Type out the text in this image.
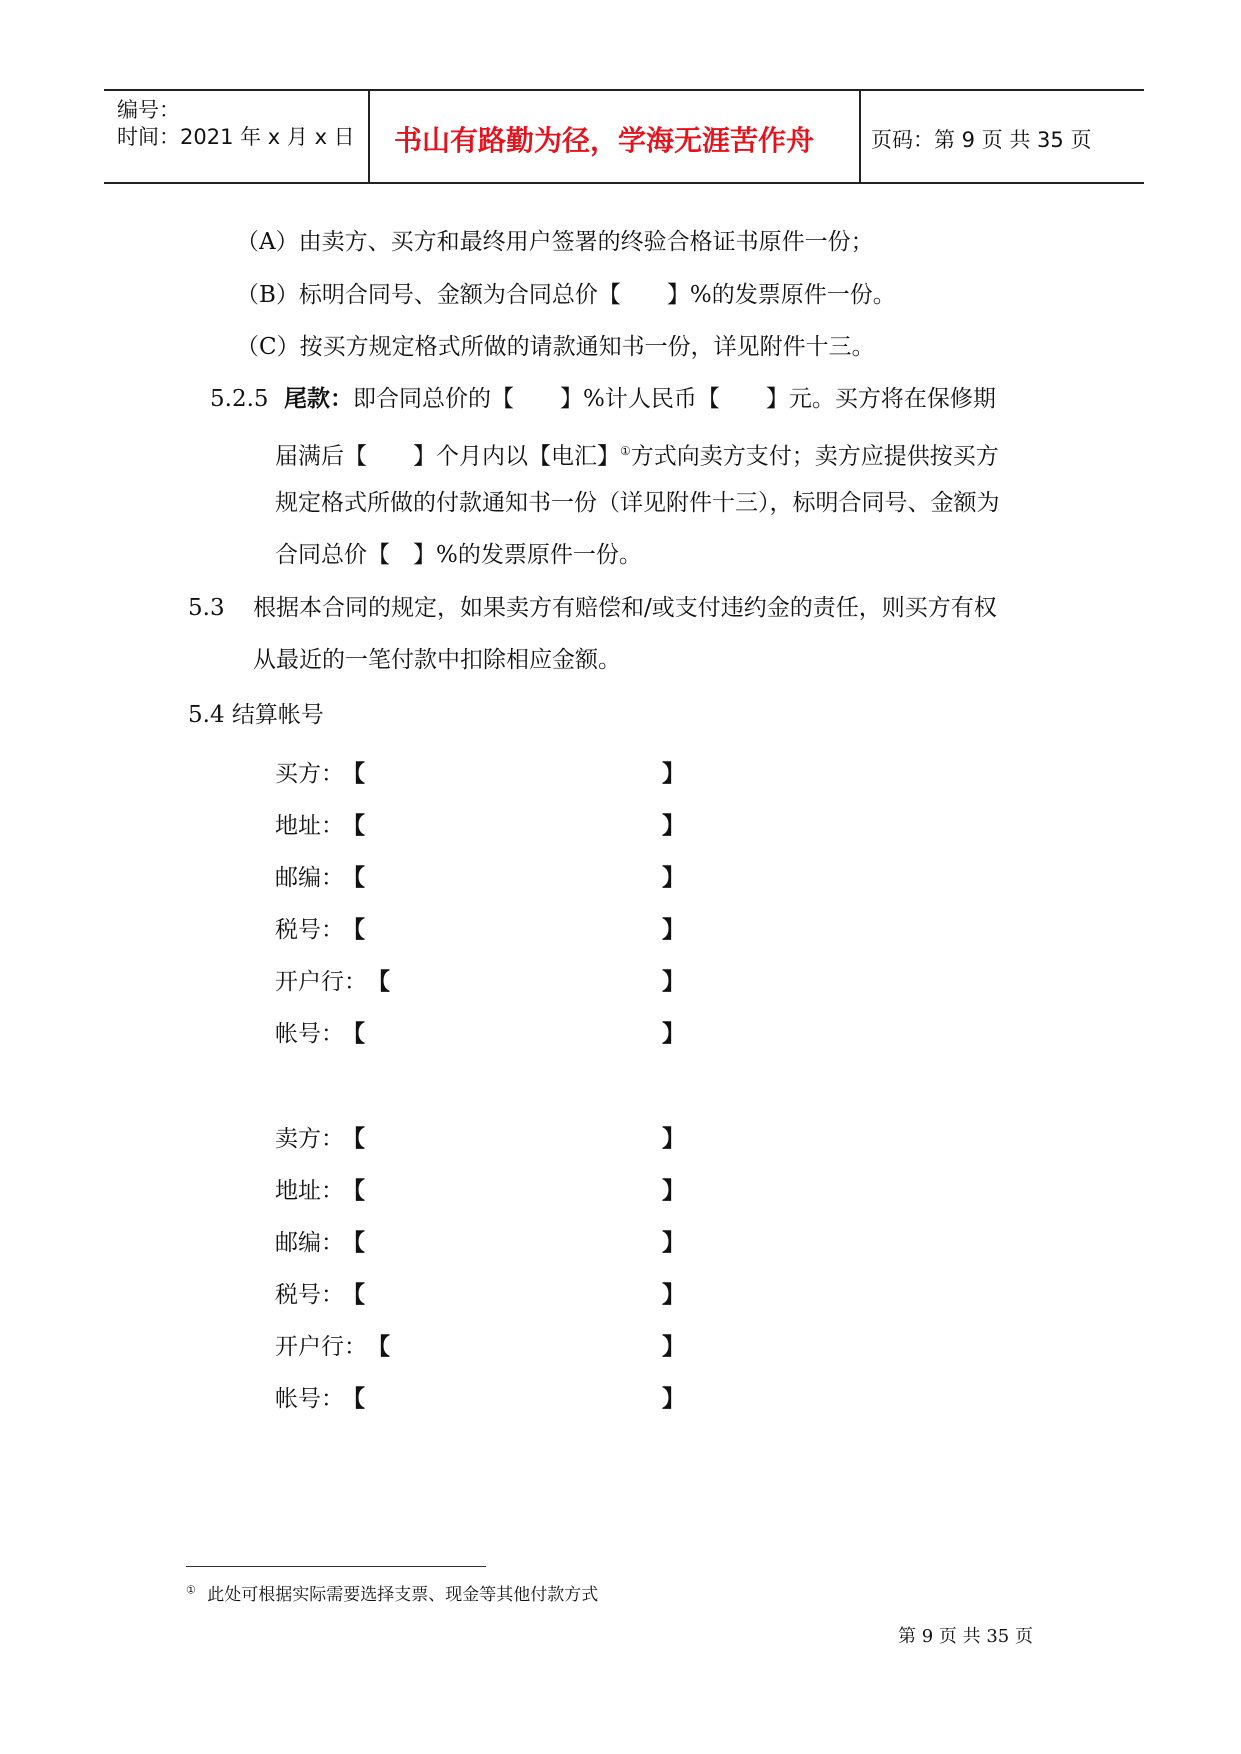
编号：
时间：2021 年 x 月 x 日 书山有路勤为径，学海无涯苦作舟	页码：第 9 页 共 35 页
（A）由卖方、买方和最终用户签署的终验合格证书原件一份；
（B）标明合同号、金额为合同总价【　　】%的发票原件一份。
（C）按买方规定格式所做的请款通知书一份，详见附件十三。
5.2.5 尾款：即合同总价的【　　】%计人民币【　　】元。买方将在保修期
届满后【　　】个月内以【电汇】①方式向卖方支付；卖方应提供按买方
规定格式所做的付款通知书一份（详见附件十三），标明合同号、金额为
合同总价【　】%的发票原件一份。
5.3 根据本合同的规定，如果卖方有赔偿和/或支付违约金的责任，则买方有权
从最近的一笔付款中扣除相应金额。
5.4 结算帐号
买方：
【	】
地址：
【	】
邮编：
【	】
税号：
【	】
开户行： 【	】
帐号：
【	】
卖方：
【	】
地址：
【	】
邮编：
【	】
税号：
【	】
开户行： 【	】
帐号：
【	】
① 此处可根据实际需要选择支票、现金等其他付款方式
第 9 页 共 35 页
